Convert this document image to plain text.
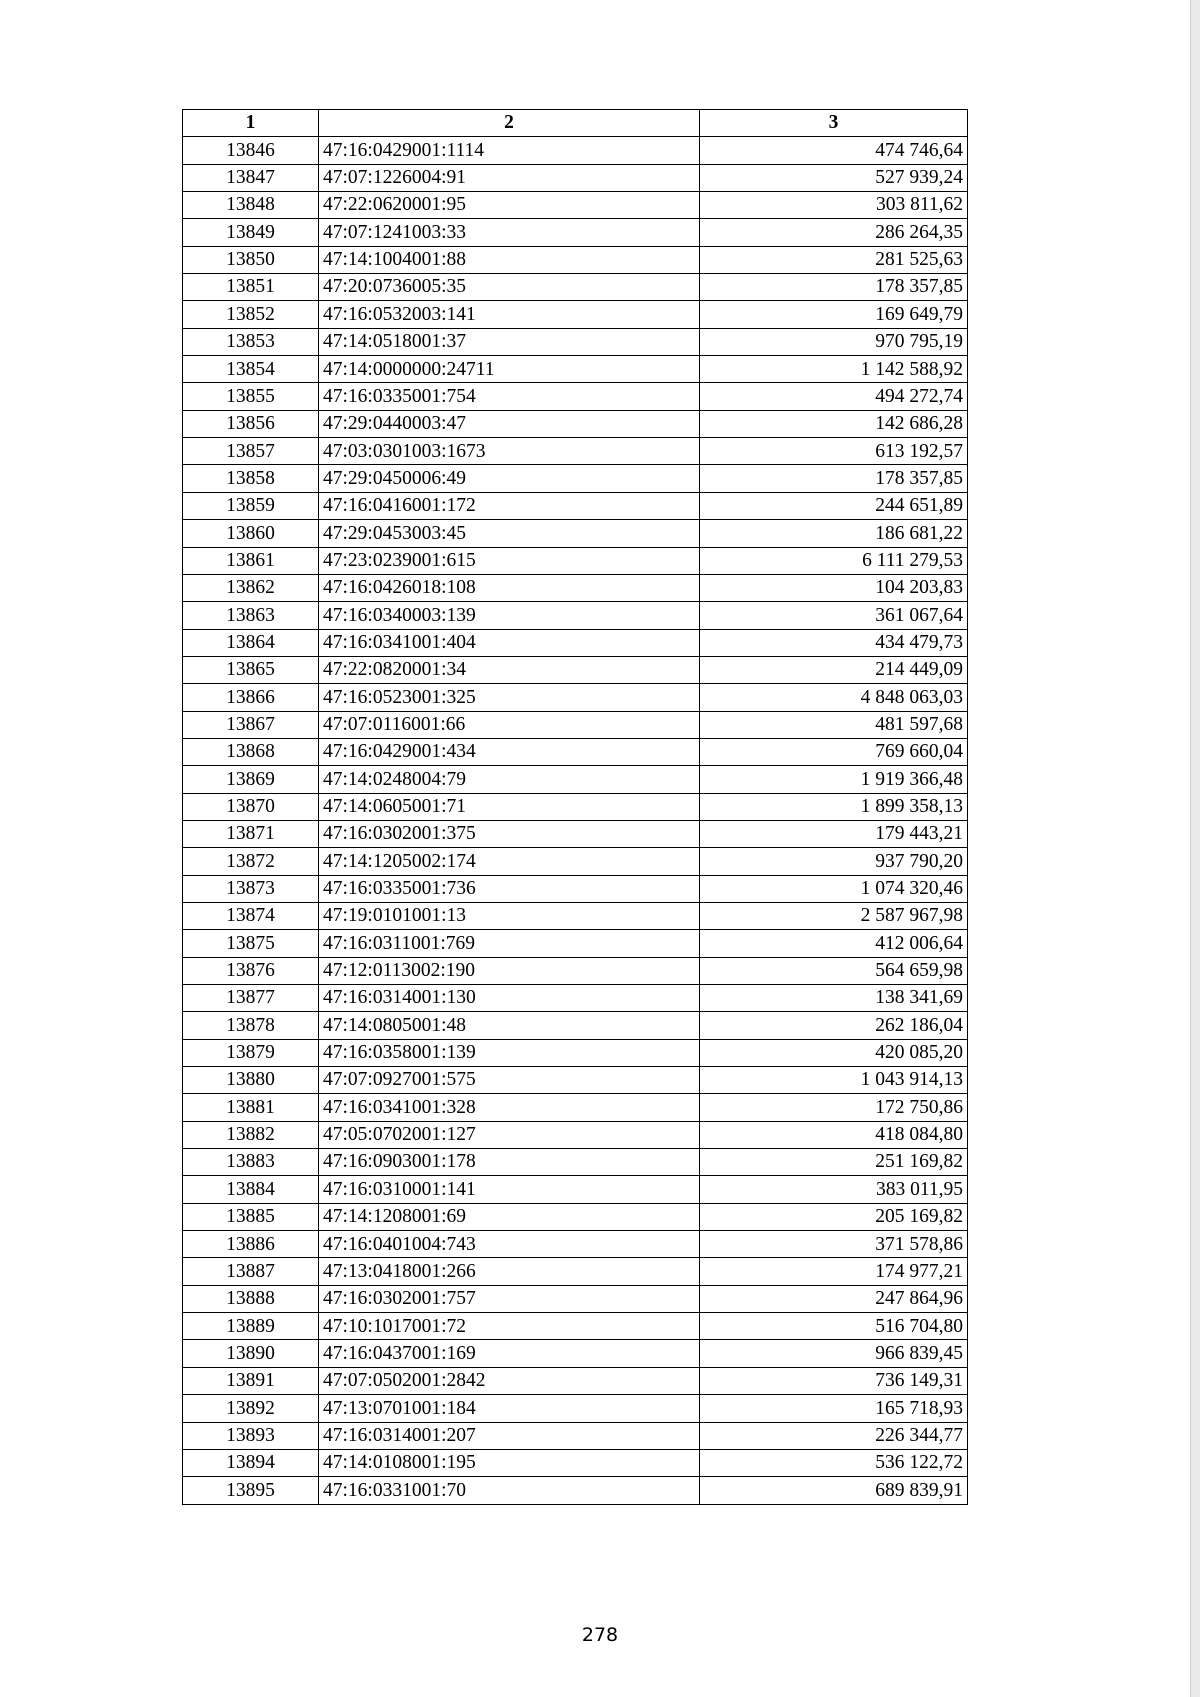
1	2	3
13846	47:16:0429001:1114	474 746,64
13847	47:07:1226004:91	527 939,24
13848	47:22:0620001:95	303 811,62
13849	47:07:1241003:33	286 264,35
13850	47:14:1004001:88	281 525,63
13851	47:20:0736005:35	178 357,85
13852	47:16:0532003:141	169 649,79
13853	47:14:0518001:37	970 795,19
13854	47:14:0000000:24711	1 142 588,92
13855	47:16:0335001:754	494 272,74
13856	47:29:0440003:47	142 686,28
13857	47:03:0301003:1673	613 192,57
13858	47:29:0450006:49	178 357,85
13859	47:16:0416001:172	244 651,89
13860	47:29:0453003:45	186 681,22
13861	47:23:0239001:615	6 111 279,53
13862	47:16:0426018:108	104 203,83
13863	47:16:0340003:139	361 067,64
13864	47:16:0341001:404	434 479,73
13865	47:22:0820001:34	214 449,09
13866	47:16:0523001:325	4 848 063,03
13867	47:07:0116001:66	481 597,68
13868	47:16:0429001:434	769 660,04
13869	47:14:0248004:79	1 919 366,48
13870	47:14:0605001:71	1 899 358,13
13871	47:16:0302001:375	179 443,21
13872	47:14:1205002:174	937 790,20
13873	47:16:0335001:736	1 074 320,46
13874	47:19:0101001:13	2 587 967,98
13875	47:16:0311001:769	412 006,64
13876	47:12:0113002:190	564 659,98
13877	47:16:0314001:130	138 341,69
13878	47:14:0805001:48	262 186,04
13879	47:16:0358001:139	420 085,20
13880	47:07:0927001:575	1 043 914,13
13881	47:16:0341001:328	172 750,86
13882	47:05:0702001:127	418 084,80
13883	47:16:0903001:178	251 169,82
13884	47:16:0310001:141	383 011,95
13885	47:14:1208001:69	205 169,82
13886	47:16:0401004:743	371 578,86
13887	47:13:0418001:266	174 977,21
13888	47:16:0302001:757	247 864,96
13889	47:10:1017001:72	516 704,80
13890	47:16:0437001:169	966 839,45
13891	47:07:0502001:2842	736 149,31
13892	47:13:0701001:184	165 718,93
13893	47:16:0314001:207	226 344,77
13894	47:14:0108001:195	536 122,72
13895	47:16:0331001:70	689 839,91
278
